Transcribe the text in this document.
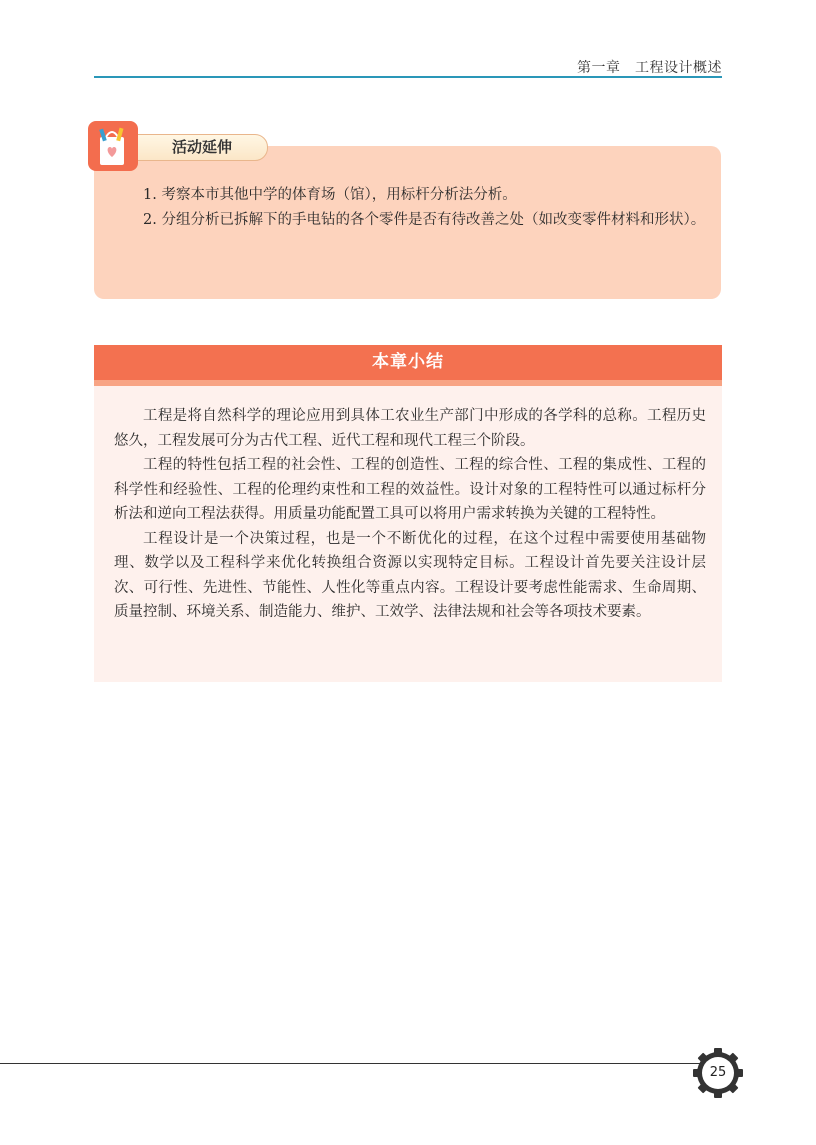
第一章　工程设计概述
活动延伸

1. 考察本市其他中学的体育场（馆），用标杆分析法分析。

2. 分组分析已拆解下的手电钻的各个零件是否有待改善之处（如改变零件材料和形状）。

本章小结

工程是将自然科学的理论应用到具体工农业生产部门中形成的各学科的总称。工程历史悠久，工程发展可分为古代工程、近代工程和现代工程三个阶段。

工程的特性包括工程的社会性、工程的创造性、工程的综合性、工程的集成性、工程的科学性和经验性、工程的伦理约束性和工程的效益性。设计对象的工程特性可以通过标杆分析法和逆向工程法获得。用质量功能配置工具可以将用户需求转换为关键的工程特性。

工程设计是一个决策过程，也是一个不断优化的过程，在这个过程中需要使用基础物理、数学以及工程科学来优化转换组合资源以实现特定目标。工程设计首先要关注设计层次、可行性、先进性、节能性、人性化等重点内容。工程设计要考虑性能需求、生命周期、质量控制、环境关系、制造能力、维护、工效学、法律法规和社会等各项技术要素。

25
